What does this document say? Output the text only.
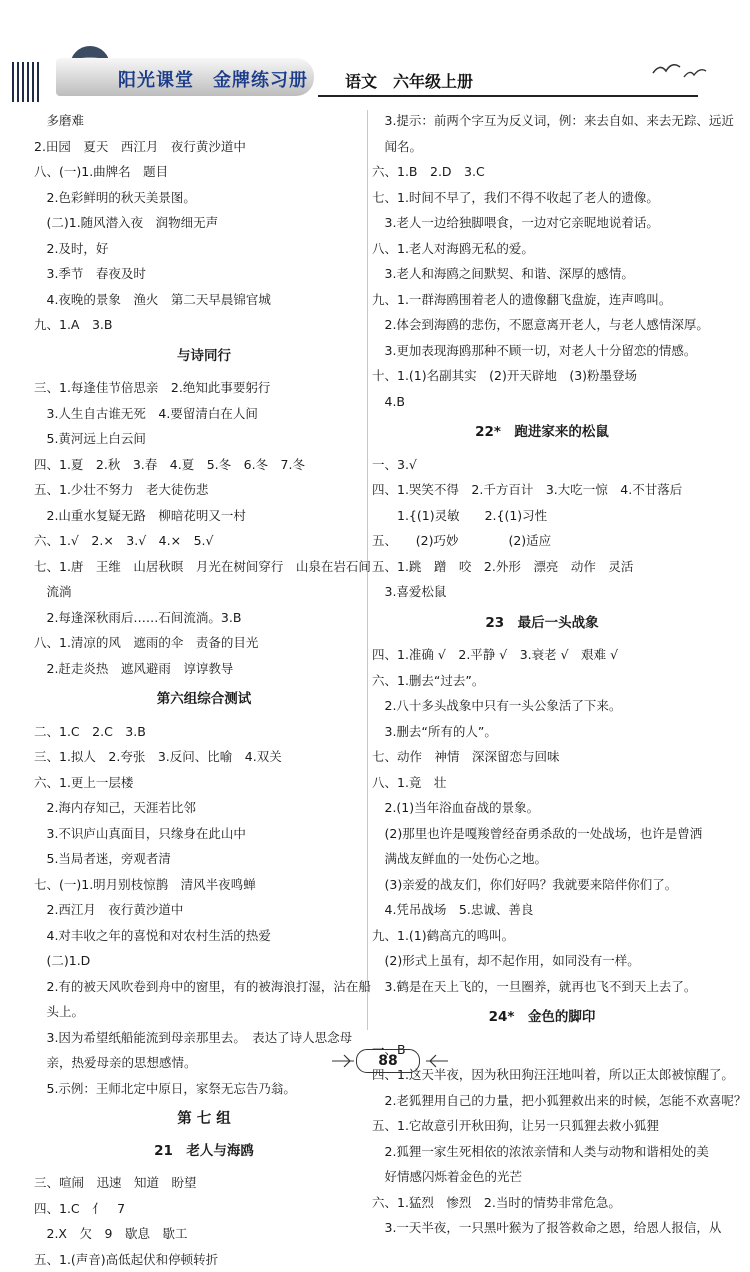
阳光课堂　金牌练习册 语文　六年级上册
　多磨难
2.田园　夏天　西江月　夜行黄沙道中
八、(一)1.曲牌名　题目
　2.色彩鲜明的秋天美景图。
　(二)1.随风潜入夜　润物细无声
　2.及时，好
　3.季节　春夜及时
　4.夜晚的景象　渔火　第二天早晨锦官城
九、1.A　3.B
与诗同行
三、1.每逢佳节倍思亲　2.绝知此事要躬行
　3.人生自古谁无死　4.要留清白在人间
　5.黄河远上白云间
四、1.夏　2.秋　3.春　4.夏　5.冬　6.冬　7.冬
五、1.少壮不努力　老大徒伤悲
　2.山重水复疑无路　柳暗花明又一村
六、1.√　2.×　3.√　4.×　5.√
七、1.唐　王维　山居秋暝　月光在树间穿行　山泉在岩石间
　流淌
　2.每逢深秋雨后……石间流淌。3.B
八、1.清凉的风　遮雨的伞　责备的目光
　2.赶走炎热　遮风避雨　谆谆教导
第六组综合测试
二、1.C　2.C　3.B
三、1.拟人　2.夸张　3.反问、比喻　4.双关
六、1.更上一层楼
　2.海内存知己，天涯若比邻
　3.不识庐山真面目，只缘身在此山中
　5.当局者迷，旁观者清
七、(一)1.明月别枝惊鹊　清风半夜鸣蝉
　2.西江月　夜行黄沙道中
　4.对丰收之年的喜悦和对农村生活的热爱
　(二)1.D
　2.有的被天风吹卷到舟中的窗里，有的被海浪打湿，沾在船
　头上。
　3.因为希望纸船能流到母亲那里去。　表达了诗人思念母
　亲，热爱母亲的思想感情。
　5.示例：王师北定中原日，家祭无忘告乃翁。
第 七 组
21　老人与海鸥
三、喧闹　迅速　知道　盼望
四、1.C　亻　7
　2.X　欠　9　歇息　歇工
五、1.(声音)高低起伏和停顿转折
　3.提示：前两个字互为反义词，例：来去自如、来去无踪、远近
　闻名。
六、1.B　2.D　3.C
七、1.时间不早了，我们不得不收起了老人的遗像。
　3.老人一边给独脚喂食，一边对它亲昵地说着话。
八、1.老人对海鸥无私的爱。
　3.老人和海鸥之间默契、和谐、深厚的感情。
九、1.一群海鸥围着老人的遗像翻飞盘旋，连声鸣叫。
　2.体会到海鸥的悲伤，不愿意离开老人，与老人感情深厚。
　3.更加表现海鸥那种不顾一切，对老人十分留恋的情感。
十、1.(1)名副其实　(2)开天辟地　(3)粉墨登场
　4.B
22*　跑进家来的松鼠
一、3.√
四、1.哭笑不得　2.千方百计　3.大吃一惊　4.不甘落后
　　1.{(1)灵敏　　2.{(1)习性
五、　　(2)巧妙　　　　(2)适应
五、1.跳　蹭　咬　2.外形　漂亮　动作　灵活
　3.喜爱松鼠
23　最后一头战象
四、1.准确 √　2.平静 √　3.衰老 √　艰难 √
六、1.删去“过去”。
　2.八十多头战象中只有一头公象活了下来。
　3.删去“所有的人”。
七、动作　神情　深深留恋与回味
八、1.竟　壮
　2.(1)当年浴血奋战的景象。
　(2)那里也许是嘎羧曾经奋勇杀敌的一处战场，也许是曾洒
　满战友鲜血的一处伤心之地。
　(3)亲爱的战友们，你们好吗？我就要来陪伴你们了。
　4.凭吊战场　5.忠诚、善良
九、1.(1)鹤高亢的鸣叫。
　(2)形式上虽有，却不起作用，如同没有一样。
　3.鹤是在天上飞的，一旦圈养，就再也飞不到天上去了。
24*　金色的脚印
一、B
四、1.这天半夜，因为秋田狗汪汪地叫着，所以正太郎被惊醒了。
　2.老狐狸用自己的力量，把小狐狸救出来的时候，怎能不欢喜呢？
五、1.它故意引开秋田狗，让另一只狐狸去救小狐狸
　2.狐狸一家生死相依的浓浓亲情和人类与动物和谐相处的美
　好情感闪烁着金色的光芒
六、1.猛烈　惨烈　2.当时的情势非常危急。
　3.一天半夜，一只黑叶猴为了报答救命之恩，给恩人报信，从
88
